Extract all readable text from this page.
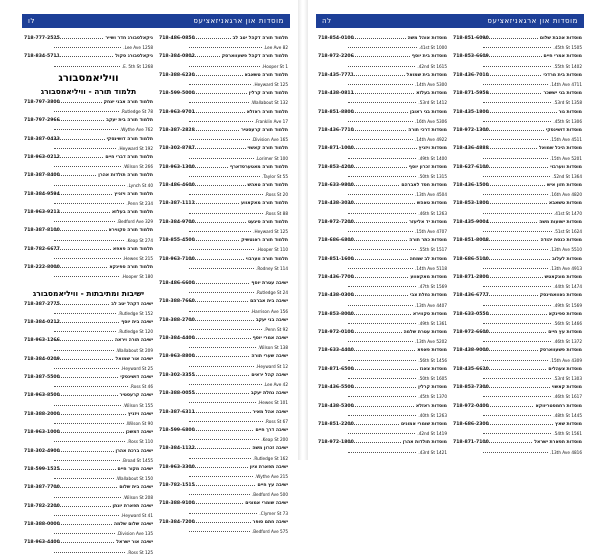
לו	מוסדות און ארגאניזאציעס
718-777-2525	ניקאלסבורג חדר ושייר
1258 Lee Ave.
718-834-5711	ניקאלסבורג סקול
1268 E. 5th St.
וויליאמסבורג
תלמוד תורה - וויליאמסבורג
718-797-3800	תלמוד תורה אבני יצחק
78 Rutledge St.
718-797-2966	תלמוד תורה בית יעקב
762 Wythe Ave.
718-387-0433	תלמוד תורה דושינסקי
192 Heyward St.
718-963-0212	תלמוד תורה דברי חיים
266 Wilson St.
718-387-8400	תלמוד תורה תולדות אהרן
40 Lynch St.
718-384-9594	תלמוד תורה ויזניץ
234 Penn St.
718-963-9213	תלמוד תורה בעלזא
329 Bedford Ave.
718-387-8100	תלמוד תורה סקווירא
274 Keap St.
718-782-6677	תלמוד תורה פאפא
215 Hewes St.
718-222-8000	תלמוד תורה ספינקא
180 Hooper St.
ישיבות ומתיבתות - וויליאמסבורג
718-387-2775	ישיבה דקהל יטב לב
152 Rutledge St.
718-384-0212	ישיבה בית יוסף
120 Rutledge St.
718-963-1266	ישיבה תורה ויראה
209 Wallabout St.
718-384-0209	ישיבה אור שמואל
25 Heyward St.
718-387-5500	ישיבה דושינסקי
46 Ross St.
718-963-8500	ישיבה קרעסטיר
155 Wilson St.
718-388-2000	ישיבה ויזניץ
90 Wilson St.
718-963-1000	ישיבה דמשכן
110 Ross St.
718-302-4900	ישיבה ברכת אהרן
1455 Broad St.
718-599-1525	ישיבה מקור חיים
150 Wallabout St.
718-387-7700	ישיבה בית שלום
208 Wilson St.
718-782-2200	ישיבה תפארת יונתן
41 Heyward St.
718-388-0000	ישיבה שלום שלמה
135 Division Ave.
718-963-4400	ישיבה אור ישראל
125 Ross St.
718-486-0850	תלמוד תורה דקהל יטב לב
82 Lee Ave.
718-384-0802	תלמוד תורה דקהל פשעווארסק
1 Hooper St.
718-388-6230	תלמוד תורה טשאבא
125 Heyward St.
718-599-5000	תלמוד תורה קרלין
132 Wallabout St.
718-963-9701	תלמוד תורה ראזלא
17 Franklin Ave.
718-387-2828	תלמוד תורה קרעסטיר
165 Division Ave.
718-302-8787	תלמוד תורה קאשוי
100 Lorimer St.
718-963-1300	תלמוד תורה מאטערסדארף
55 Taylor St.
718-486-4600	תלמוד תורה טאהש
20 Ross St.
718-387-1112	תלמוד תורה מאקאווע
88 Ross St.
718-384-9700	תלמוד תורה סיגעט
125 Heyward St.
718-855-4500	תלמוד תורה ראנטשיק
110 Hooper St.
718-963-7100	תלמוד תורה ווערבוי
114 Rodney St.
718-486-6600	ישיבה עטרת יוסף
24 Rutledge St.
718-388-7660	ישיבה בית אברהם
156 Harrison Ave.
718-388-2700	ישיבה בני יעקב
92 Penn St.
718-384-4400	ישיבה אמרי יוסף
138 Wilson St.
718-963-8800	ישיבה שערי תורה
12 Heyward St.
718-302-3355	ישיבה קהל יראים
42 Lee Ave.
718-388-0055	ישיבה נחלת יעקב
101 Hewes St.
718-387-6311	ישיבה אהל מאיר
67 Ross St.
718-599-6800	ישיבה דרך חיים
200 Keap St.
718-384-1122	ישיבה זכרון משה
162 Rutledge St.
718-963-3300	ישיבה תפארת ציון
215 Wythe Ave.
718-782-1515	ישיבה עץ חיים
500 Bedford Ave.
718-388-9100	ישיבה שומרי אמונים
73 Clymer St.
718-384-7200	ישיבה חתם סופר
575 Bedford Ave.
לה	מוסדות און ארגאניזאציעס
718-854-0100	מוסדות אוהל משה
1000 41st St.
718-972-2206	מוסדות בית יוסף
1615 42nd St.
718-435-7771	מוסדות בית שמואל
5300 14th Ave.
718-438-0811	מוסדות בעלזא
1412 53rd St.
718-851-8800	מוסדות בני ראובן
5306 16th Ave.
718-436-7710	מוסדות דרכי תורה
4922 14th Ave.
718-871-1000	מוסדות ויזניץ
1400 49th St.
718-853-4200	מוסדות זכרון יוסף
1315 50th St.
718-633-9800	מוסדות חסד לאברהם
4504 13th Ave.
718-438-3030	מוסדות טאהש
1263 46th St.
718-972-7200	מוסדות יד אליעזר
4707 15th Ave.
718-686-6800	מוסדות כתר תורה
1517 55th St.
718-851-1600	מוסדות לב שמחה
5118 14th Ave.
718-436-7700	מוסדות מאקאווע
1569 47th St.
718-438-0300	מוסדות נחלת צבי
4407 13th Ave.
718-853-8000	מוסדות סקווירא
1361 49th St.
718-972-0100	מוסדות עטרת שלמה
5202 13th Ave.
718-633-4400	מוסדות פאפא
1456 56th St.
718-871-6500	מוסדות צאנז
1605 50th St.
718-436-5500	מוסדות קרלין
1370 45th St.
718-438-5300	מוסדות ראזלא
1263 40th St.
718-851-2200	מוסדות שומרי אמונים
1419 42nd St.
718-972-1800	מוסדות תולדות אהרן
1421 43rd St.
718-851-6090	מוסדות אהבת שלום
1505 45th St.
718-853-6609	מוסדות אמרי חיים
1402 55th St.
718-436-7010	מוסדות בית מרדכי
4711 14th Ave.
718-871-5959	מוסדות בני יששכר
1358 53rd St.
718-435-1800	מוסדות גור
1306 45th St.
718-972-1300	מוסדות דושינסקי
4511 15th Ave.
718-436-4888	מוסדות היכל שמואל
5201 15th Ave.
718-627-6100	מוסדות ווערבוי
1364 52nd St.
718-436-1500	מוסדות חזון איש
4820 16th Ave.
718-853-1800	מוסדות טשאבא
1470 41st St.
718-435-9004	מוסדות ישועות משה
1624 51st St.
718-851-8008	מוסדות כנסת יהודה
5510 13th Ave.
718-686-5100	מוסדות לעלוב
4913 13th Ave.
718-871-2800	מוסדות מונקאטש
1474 44th St.
718-436-6777	מוסדות נאוואמינסק
1569 49th St.
718-633-0550	מוסדות ספינקא
1466 56th St.
718-972-6600	מוסדות עץ חיים
1372 46th St.
718-438-9000	מוסדות פשעווארסק
4309 15th Ave.
718-435-6620	מוסדות צעהלים
1303 53rd St.
718-853-7300	מוסדות קאשוי
1617 46th St.
718-972-0400	מוסדות רחמסטריווקא
1445 48th St.
718-686-2300	מוסדות שאץ
1561 54th St.
718-871-7100	מוסדות תפארת ישראל
4816 13th Ave.
